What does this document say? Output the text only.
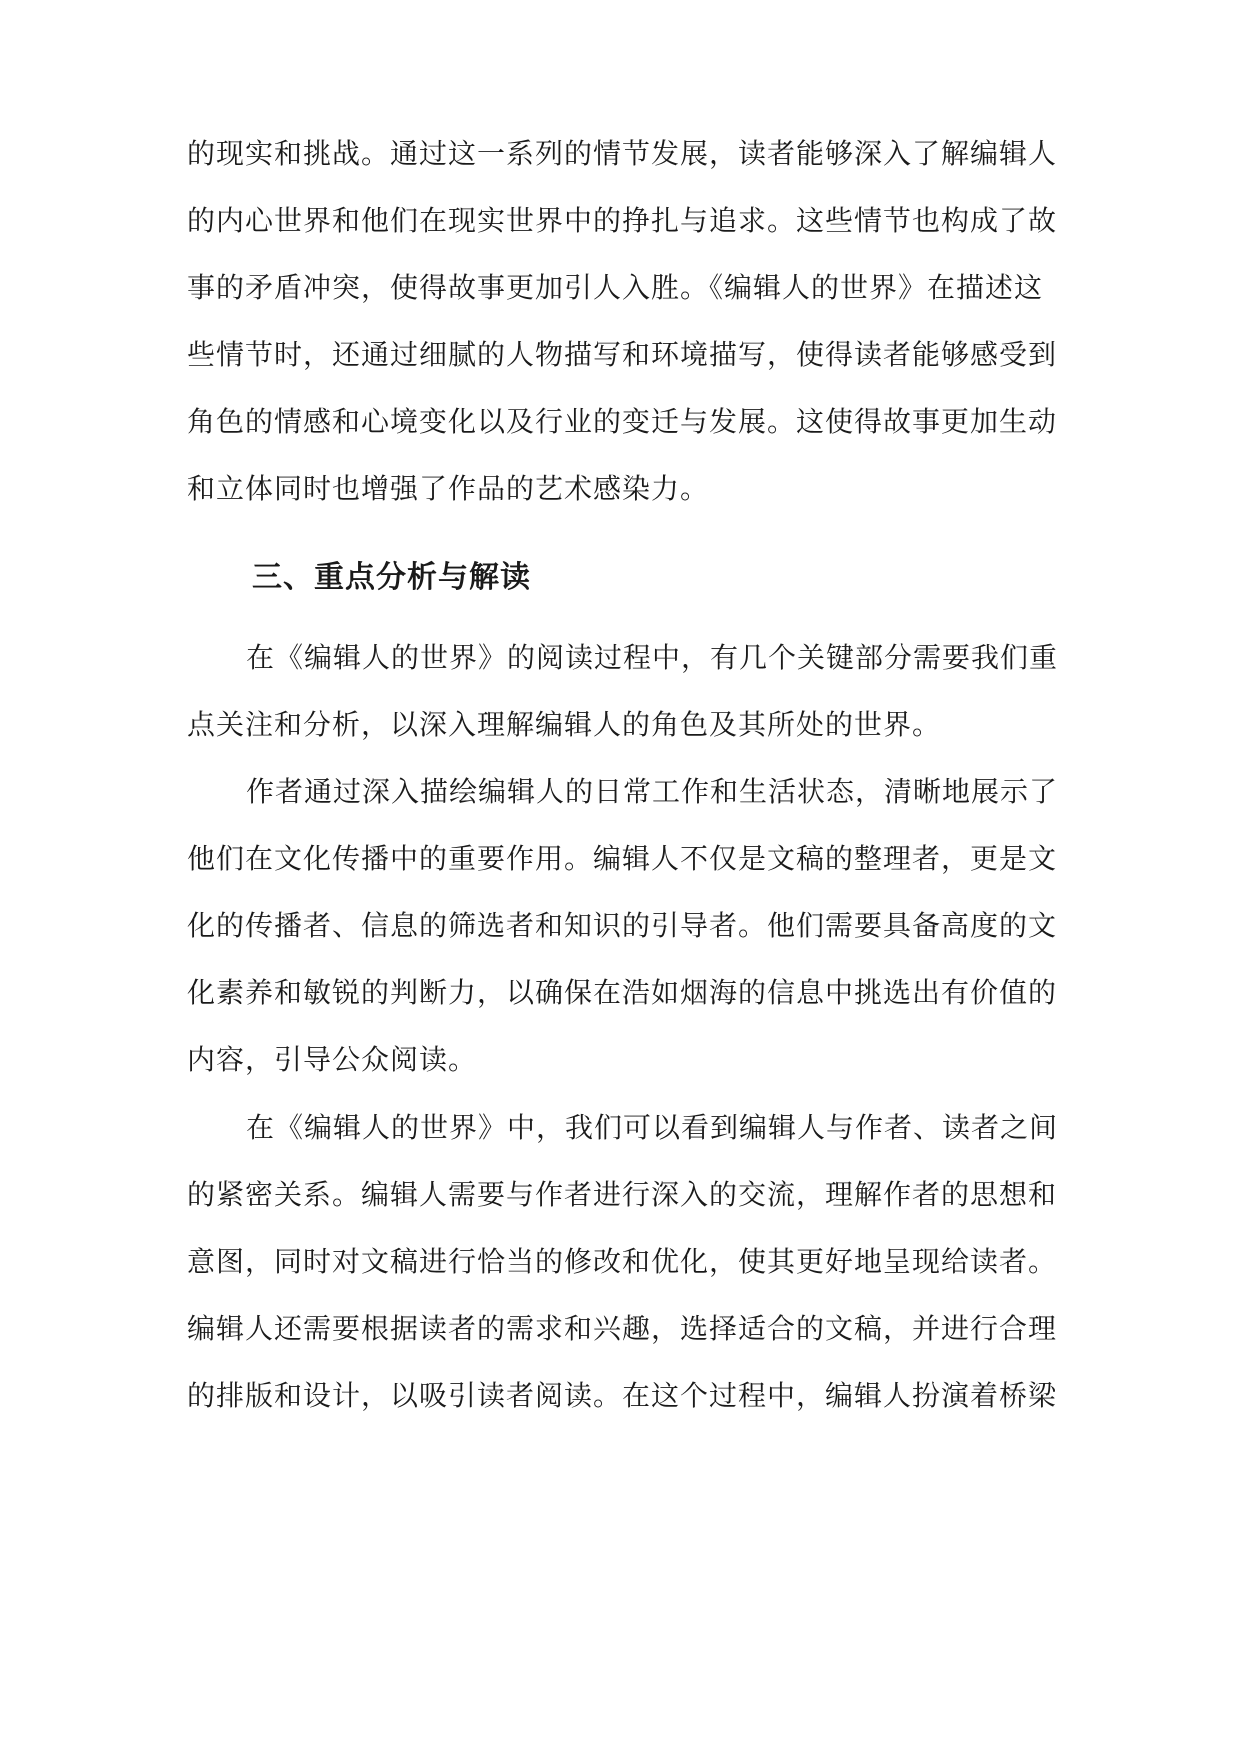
的现实和挑战。通过这一系列的情节发展，读者能够深入了解编辑人
的内心世界和他们在现实世界中的挣扎与追求。这些情节也构成了故
事的矛盾冲突，使得故事更加引人入胜。《编辑人的世界》在描述这
些情节时，还通过细腻的人物描写和环境描写，使得读者能够感受到
角色的情感和心境变化以及行业的变迁与发展。这使得故事更加生动
和立体同时也增强了作品的艺术感染力。
三、重点分析与解读
在《编辑人的世界》的阅读过程中，有几个关键部分需要我们重
点关注和分析，以深入理解编辑人的角色及其所处的世界。
作者通过深入描绘编辑人的日常工作和生活状态，清晰地展示了
他们在文化传播中的重要作用。编辑人不仅是文稿的整理者，更是文
化的传播者、信息的筛选者和知识的引导者。他们需要具备高度的文
化素养和敏锐的判断力，以确保在浩如烟海的信息中挑选出有价值的
内容，引导公众阅读。
在《编辑人的世界》中，我们可以看到编辑人与作者、读者之间
的紧密关系。编辑人需要与作者进行深入的交流，理解作者的思想和
意图，同时对文稿进行恰当的修改和优化，使其更好地呈现给读者。
编辑人还需要根据读者的需求和兴趣，选择适合的文稿，并进行合理
的排版和设计，以吸引读者阅读。在这个过程中，编辑人扮演着桥梁
